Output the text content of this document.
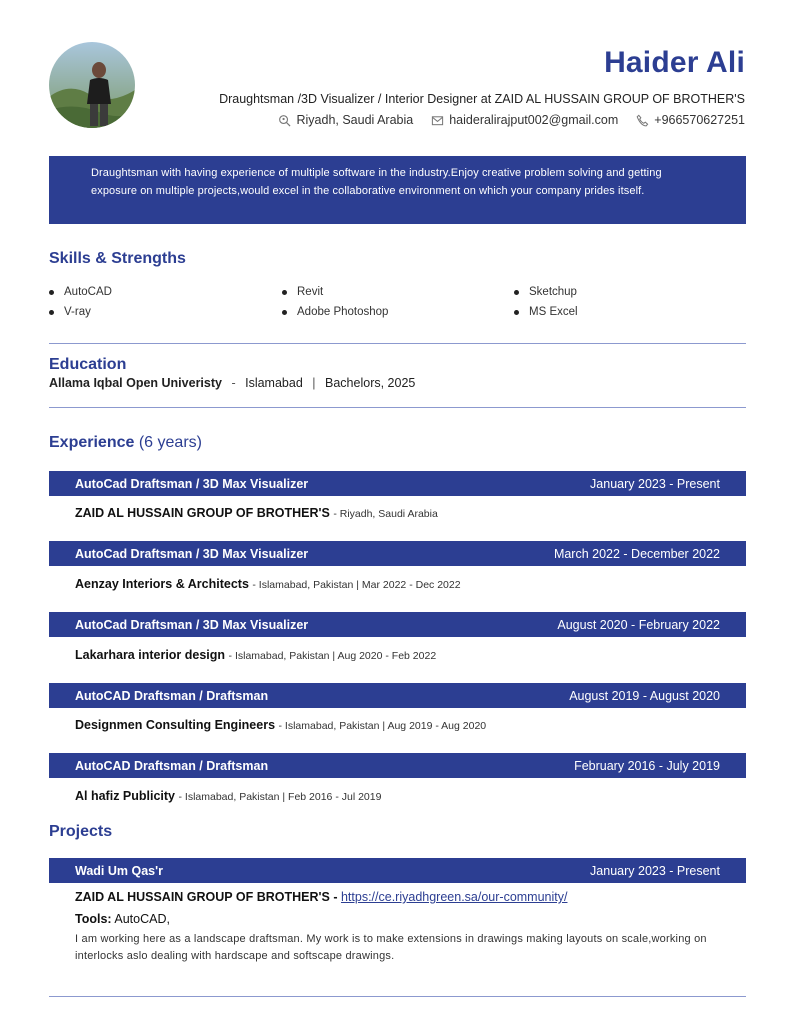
Haider Ali
Draughtsman /3D Visualizer / Interior Designer at ZAID AL HUSSAIN GROUP OF BROTHER'S
Riyadh, Saudi Arabia	haideralirajput002@gmail.com	+966570627251
Draughtsman with having experience of multiple software in the industry.Enjoy creative problem solving and getting exposure on multiple projects,would excel in the collaborative environment on which your company prides itself.
Skills & Strengths
AutoCAD	Revit	Sketchup
V-ray	Adobe Photoshop	MS Excel
Education
Allama Iqbal Open Univeristy - Islamabad | Bachelors, 2025
Experience (6 years)
AutoCad Draftsman / 3D Max Visualizer	January 2023 - Present
ZAID AL HUSSAIN GROUP OF BROTHER'S - Riyadh, Saudi Arabia
AutoCad Draftsman / 3D Max Visualizer	March 2022 - December 2022
Aenzay Interiors & Architects - Islamabad, Pakistan | Mar 2022 - Dec 2022
AutoCad Draftsman / 3D Max Visualizer	August 2020 - February 2022
Lakarhara interior design - Islamabad, Pakistan | Aug 2020 - Feb 2022
AutoCAD Draftsman / Draftsman	August 2019 - August 2020
Designmen Consulting Engineers - Islamabad, Pakistan | Aug 2019 - Aug 2020
AutoCAD Draftsman / Draftsman	February 2016 - July 2019
Al hafiz Publicity - Islamabad, Pakistan | Feb 2016 - Jul 2019
Projects
Wadi Um Qas'r	January 2023 - Present
ZAID AL HUSSAIN GROUP OF BROTHER'S - https://ce.riyadhgreen.sa/our-community/
Tools: AutoCAD,
I am working here as a landscape draftsman. My work is to make extensions in drawings making layouts on scale,working on interlocks aslo dealing with hardscape and softscape drawings.
